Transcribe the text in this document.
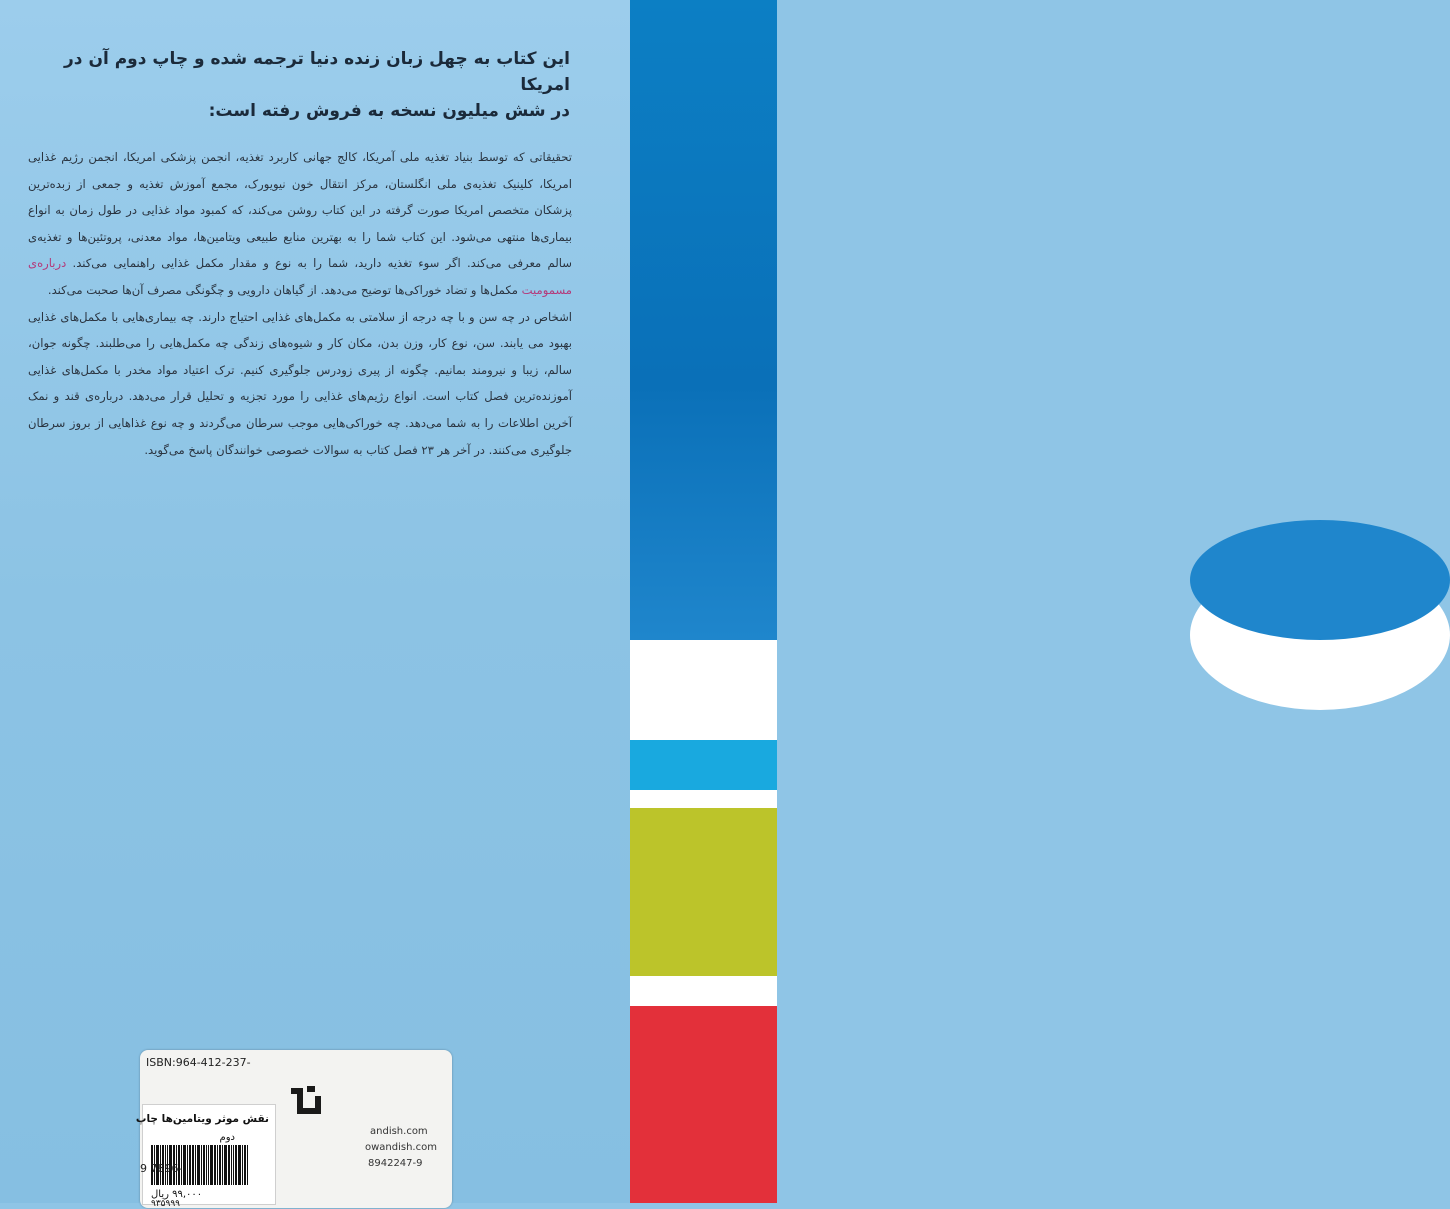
این کتاب به چهل زبان زنده دنیا ترجمه شده و چاپ دوم آن در امریکا
در شش میلیون نسخه به فروش رفته است:

تحقیقاتی که توسط بنیاد تغذیه ملی آمریکا، کالج جهانی کاربرد تغذیه، انجمن پزشکی امریکا، انجمن رژیم غذایی امریکا، کلینیک تغذیه‌ی ملی انگلستان، مرکز انتقال خون نیویورک، مجمع آموزش تغذیه و جمعی از زبده‌ترین پزشکان متخصص امریکا صورت گرفته در این کتاب روشن می‌کند، که کمبود مواد غذایی در طول زمان به انواع بیماری‌ها منتهی می‌شود. این کتاب شما را به بهترین منابع طبیعی ویتامین‌ها، مواد معدنی، پروتئین‌ها و تغذیه‌ی سالم معرفی می‌کند. اگر سوء تغذیه دارید، شما را به نوع و مقدار مکمل غذایی راهنمایی می‌کند. درباره‌ی مسمومیت مکمل‌ها و تضاد خوراکی‌ها توضیح می‌دهد. از گیاهان دارویی و چگونگی مصرف آن‌ها صحبت می‌کند.

اشخاص در چه سن و با چه درجه از سلامتی به مکمل‌های غذایی احتیاج دارند. چه بیماری‌هایی با مکمل‌های غذایی بهبود می یابند. سن، نوع کار، وزن بدن، مکان کار و شیوه‌های زندگی چه مکمل‌هایی را می‌طلبند. چگونه جوان، سالم، زیبا و نیرومند بمانیم. چگونه از پیری زودرس جلوگیری کنیم. ترک اعتیاد مواد مخدر با مکمل‌های غذایی آموزنده‌ترین فصل کتاب است. انواع رژیم‌های غذایی را مورد تجزیه و تحلیل قرار می‌دهد. درباره‌ی قند و نمک آخرین اطلاعات را به شما می‌دهد. چه خوراکی‌هایی موجب سرطان می‌گردند و چه نوع غذاهایی از بروز سرطان جلوگیری می‌کنند. در آخر هر ۲۳ فصل کتاب به سوالات خصوصی خوانندگان پاسخ می‌گوید.

ISBN:964-412-237-
andish.com
owandish.com
8942247-9
نقش موثر ویتامین‌ها چاپ
دوم
۹۹,۰۰۰ ریال
۹۳۵۹۹۹
9 7896-
